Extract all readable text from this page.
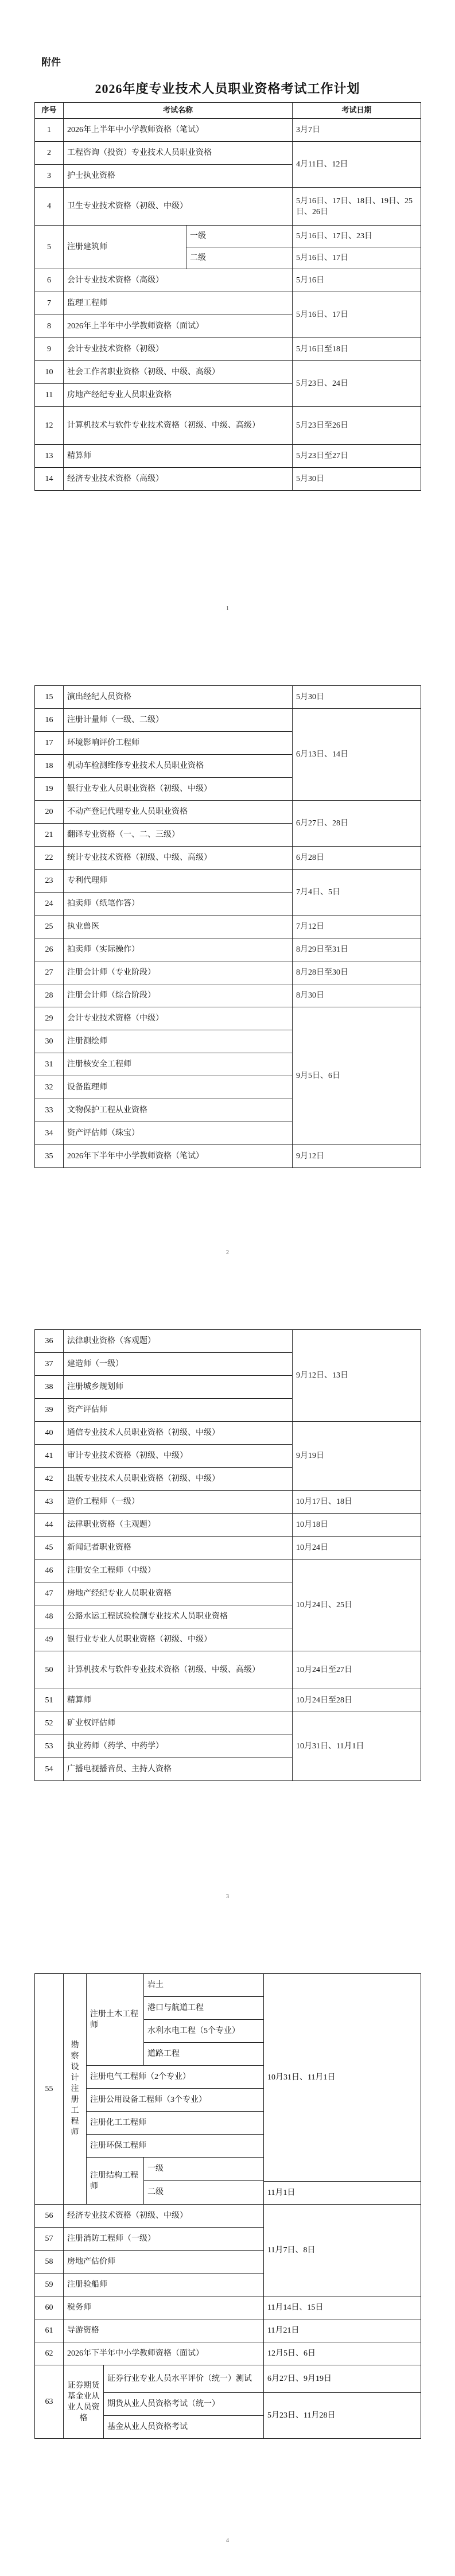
附件
2026年度专业技术人员职业资格考试工作计划
序号	考试名称		考试日期
1	2026年上半年中小学教师资格（笔试）		3月7日
2	工程咨询（投资）专业技术人员职业资格		4月11日、12日
3	护士执业资格		
4	卫生专业技术资格（初级、中级）		5月16日、17日、18日、19日、25日、26日
5	注册建筑师	一级	5月16日、17日、23日
		二级	5月16日、17日
6	会计专业技术资格（高级）		5月16日
7	监理工程师		5月16日、17日
8	2026年上半年中小学教师资格（面试）		
9	会计专业技术资格（初级）		5月16日至18日
10	社会工作者职业资格（初级、中级、高级）		5月23日、24日
11	房地产经纪专业人员职业资格		
12	计算机技术与软件专业技术资格（初级、中级、高级）		5月23日至26日
13	精算师		5月23日至27日
14	经济专业技术资格（高级）		5月30日
1
15	演出经纪人员资格	5月30日
16	注册计量师（一级、二级）	6月13日、14日
17	环境影响评价工程师	
18	机动车检测维修专业技术人员职业资格	
19	银行业专业人员职业资格（初级、中级）	
20	不动产登记代理专业人员职业资格	6月27日、28日
21	翻译专业资格（一、二、三级）	
22	统计专业技术资格（初级、中级、高级）	6月28日
23	专利代理师	7月4日、5日
24	拍卖师（纸笔作答）	
25	执业兽医	7月12日
26	拍卖师（实际操作）	8月29日至31日
27	注册会计师（专业阶段）	8月28日至30日
28	注册会计师（综合阶段）	8月30日
29	会计专业技术资格（中级）	9月5日、6日
30	注册测绘师	
31	注册核安全工程师	
32	设备监理师	
33	文物保护工程从业资格	
34	资产评估师（珠宝）	
35	2026年下半年中小学教师资格（笔试）	9月12日
2
36	法律职业资格（客观题）	9月12日、13日
37	建造师（一级）	
38	注册城乡规划师	
39	资产评估师	
40	通信专业技术人员职业资格（初级、中级）	9月19日
41	审计专业技术资格（初级、中级）	
42	出版专业技术人员职业资格（初级、中级）	
43	造价工程师（一级）	10月17日、18日
44	法律职业资格（主观题）	10月18日
45	新闻记者职业资格	10月24日
46	注册安全工程师（中级）	10月24日、25日
47	房地产经纪专业人员职业资格	
48	公路水运工程试验检测专业技术人员职业资格	
49	银行业专业人员职业资格（初级、中级）	
50	计算机技术与软件专业技术资格（初级、中级、高级）	10月24日至27日
51	精算师	10月24日至28日
52	矿业权评估师	10月31日、11月1日
53	执业药师（药学、中药学）	
54	广播电视播音员、主持人资格	
3
55	勘察设计注册工程师	注册土木工程师		岩土	10月31日、11月1日
				港口与航道工程	
				水利水电工程（5个专业）	
				道路工程	
		注册电气工程师（2个专业）			
		注册公用设备工程师（3个专业）			
		注册化工工程师			
		注册环保工程师			
		注册结构工程师		一级	
				二级	
					11月1日
56	经济专业技术资格（初级、中级）				11月7日、8日
57	注册消防工程师（一级）				
58	房地产估价师				
59	注册验船师				
60	税务师				11月14日、15日
61	导游资格				11月21日
62	2026年下半年中小学教师资格（面试）				12月5日、6日
63	证券期货基金业从业人员资格		证券行业专业人员水平评价（统一）测试		6月27日、9月19日
			期货从业人员资格考试（统一）		5月23日、11月28日
			基金从业人员资格考试		
4
